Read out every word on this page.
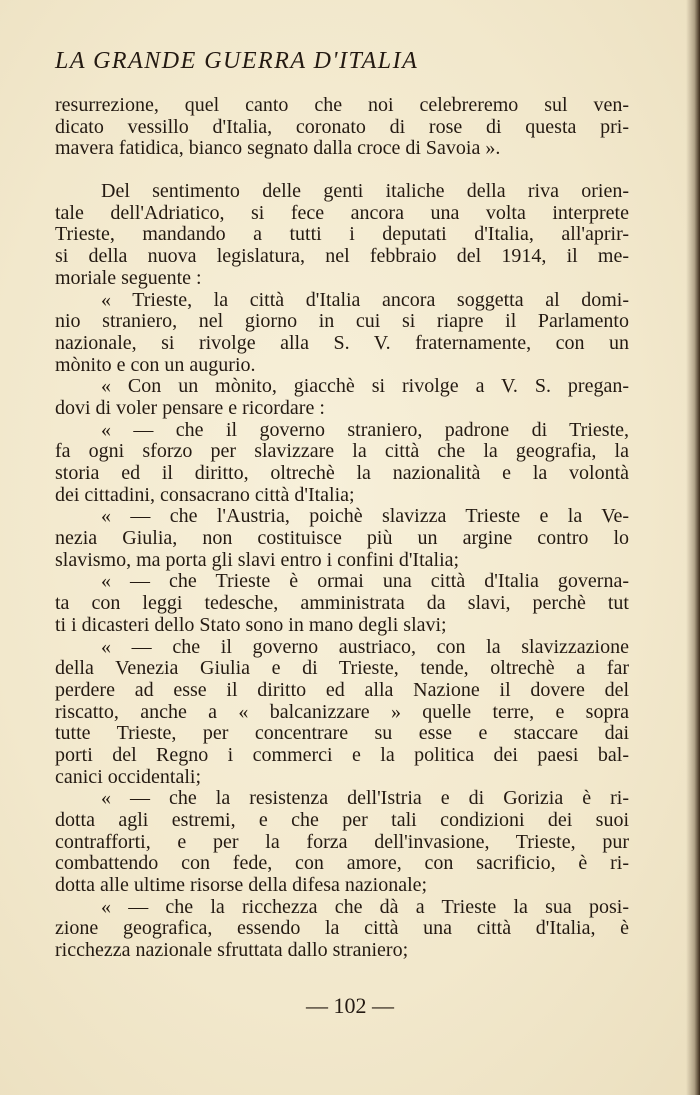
LA GRANDE GUERRA D'ITALIA
resurrezione, quel canto che noi celebreremo sul ven-
dicato vessillo d'Italia, coronato di rose di questa pri-
mavera fatidica, bianco segnato dalla croce di Savoia ».
Del sentimento delle genti italiche della riva orien-
tale dell'Adriatico, si fece ancora una volta interprete
Trieste, mandando a tutti i deputati d'Italia, all'aprir-
si della nuova legislatura, nel febbraio del 1914, il me-
moriale seguente :
« Trieste, la città d'Italia ancora soggetta al domi-
nio straniero, nel giorno in cui si riapre il Parlamento
nazionale, si rivolge alla S. V. fraternamente, con un
mònito e con un augurio.
« Con un mònito, giacchè si rivolge a V. S. pregan-
dovi di voler pensare e ricordare :
« — che il governo straniero, padrone di Trieste,
fa ogni sforzo per slavizzare la città che la geografia, la
storia ed il diritto, oltrechè la nazionalità e la volontà
dei cittadini, consacrano città d'Italia;
« — che l'Austria, poichè slavizza Trieste e la Ve-
nezia Giulia, non costituisce più un argine contro lo
slavismo, ma porta gli slavi entro i confini d'Italia;
« — che Trieste è ormai una città d'Italia governa-
ta con leggi tedesche, amministrata da slavi, perchè tut
ti i dicasteri dello Stato sono in mano degli slavi;
« — che il governo austriaco, con la slavizzazione
della Venezia Giulia e di Trieste, tende, oltrechè a far
perdere ad esse il diritto ed alla Nazione il dovere del
riscatto, anche a « balcanizzare » quelle terre, e sopra
tutte Trieste, per concentrare su esse e staccare dai
porti del Regno i commerci e la politica dei paesi bal-
canici occidentali;
« — che la resistenza dell'Istria e di Gorizia è ri-
dotta agli estremi, e che per tali condizioni dei suoi
contrafforti, e per la forza dell'invasione, Trieste, pur
combattendo con fede, con amore, con sacrificio, è ri-
dotta alle ultime risorse della difesa nazionale;
« — che la ricchezza che dà a Trieste la sua posi-
zione geografica, essendo la città una città d'Italia, è
ricchezza nazionale sfruttata dallo straniero;
— 102 —
